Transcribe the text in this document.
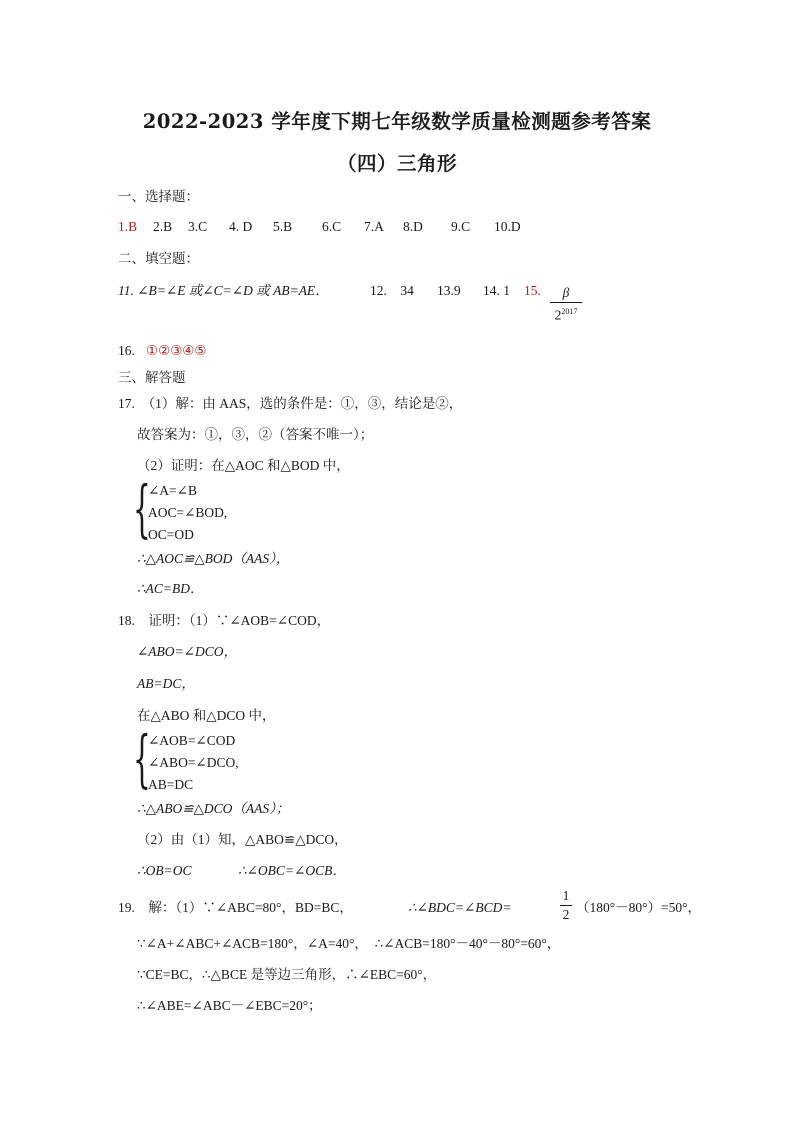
2022-2023 学年度下期七年级数学质量检测题参考答案
（四）三角形
一、选择题：
1.B 2.B 3.C 4. D 5.B 6.C 7.A 8.D 9.C 10.D
二、填空题：
11. ∠B=∠E 或∠C=∠D 或 AB=AE．	12.　34 13.9 14. 1 15.	β
$2^{2017}$
16. ①②③④⑤
三、解答题
17.　（1）解：由 AAS，选的条件是：①，③，结论是②，
故答案为：①，③，②（答案不唯一）；
（2）证明：在△AOC 和△BOD 中，
{
∠A=∠B
AOC=∠BOD,
OC=OD
∴△AOC≌△BOD（AAS），
∴AC=BD．
18.　证明：（1）∵∠AOB=∠COD，
∠ABO=∠DCO，
AB=DC，
在△ABO 和△DCO 中，
{
∠AOB=∠COD
∠ABO=∠DCO,
AB=DC
∴△ABO≌△DCO（AAS）；
（2）由（1）知，△ABO≌△DCO，
∴OB=OC	∴∠OBC=∠OCB．
19.　解：（1）∵∠ABC=80°，BD=BC，	∴∠BDC=∠BCD=
1
2 （180°－80°）=50°，
∵∠A+∠ABC+∠ACB=180°，∠A=40°，　∴∠ACB=180°－40°－80°=60°，
∵CE=BC，∴△BCE 是等边三角形，∴∠EBC=60°，
∴∠ABE=∠ABC－∠EBC=20°；
